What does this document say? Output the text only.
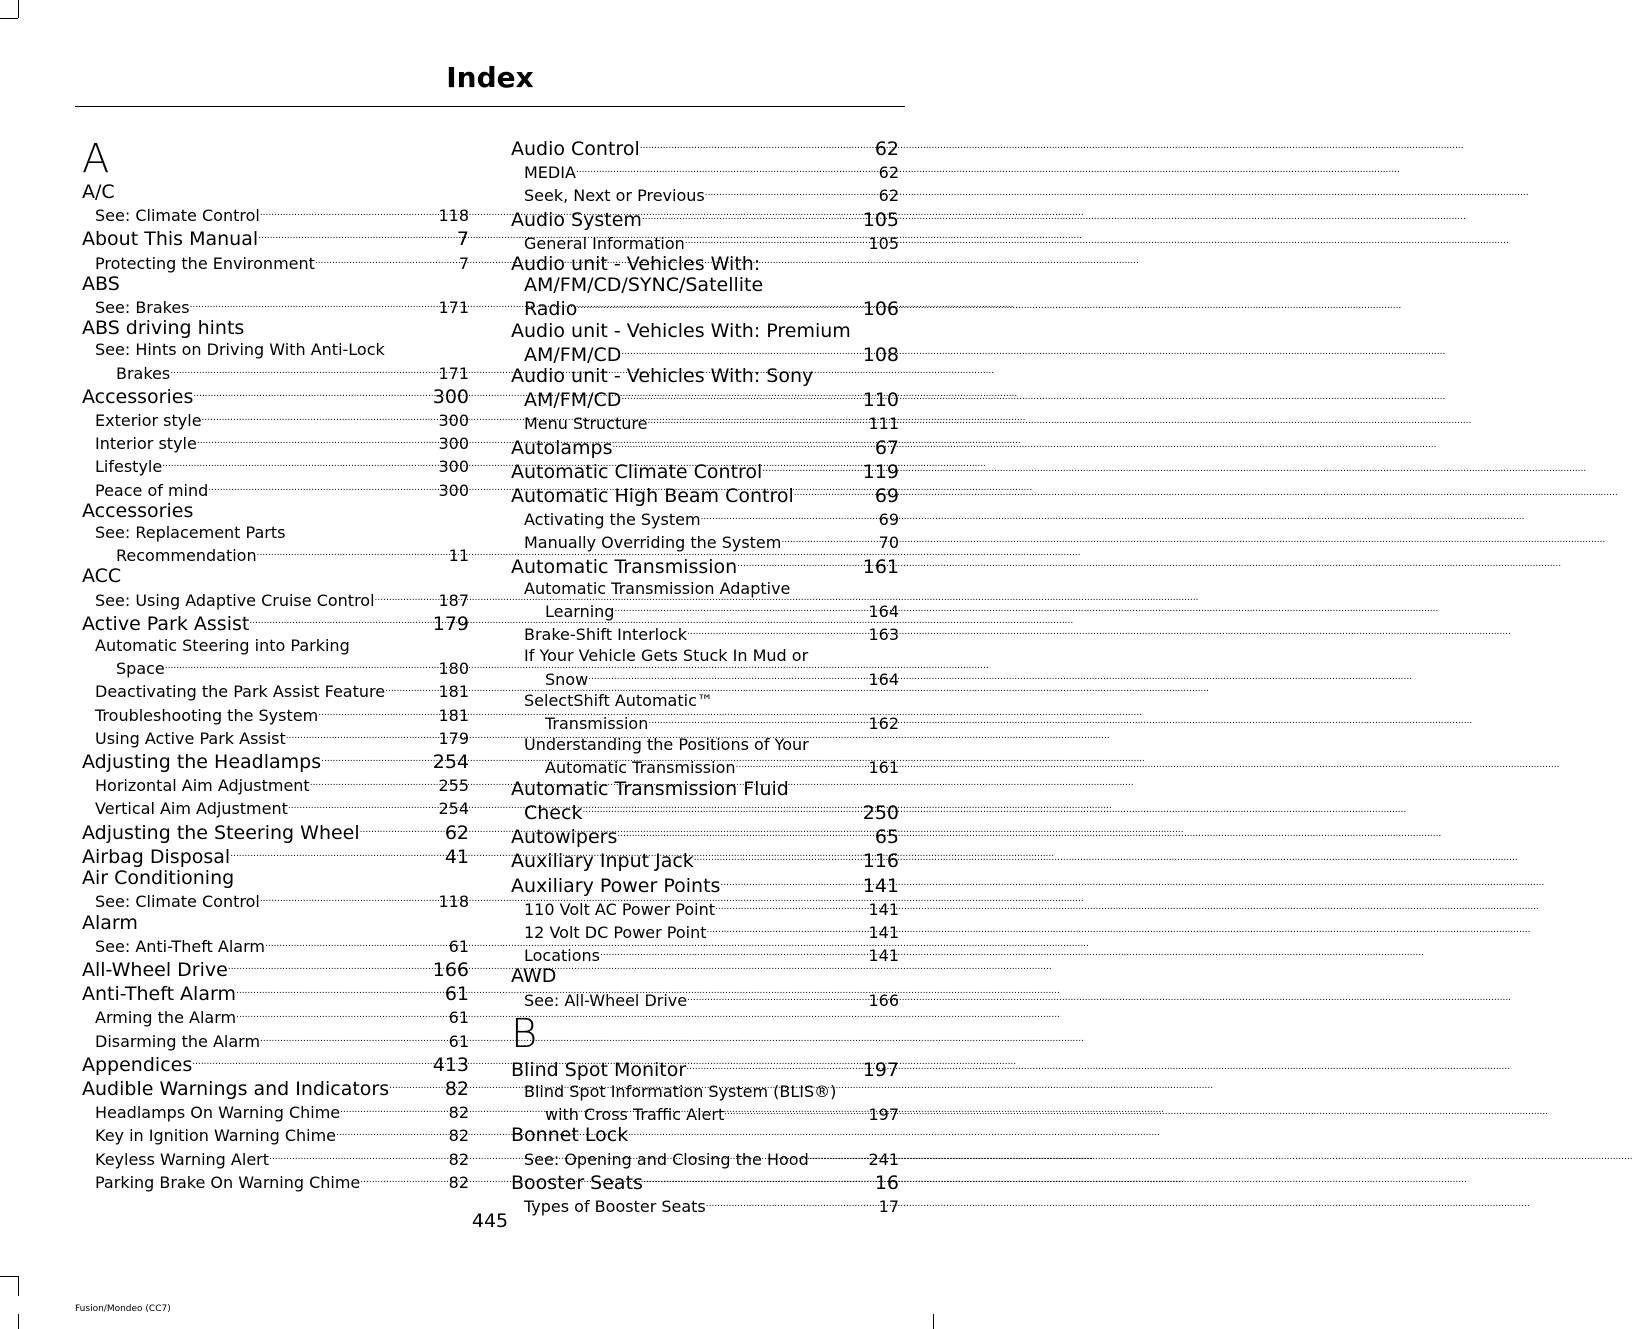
Index
A
A/C
See: Climate Control .....	118
About This Manual .....	7
Protecting the Environment .....	7
ABS
See: Brakes .....	171
ABS driving hints
See: Hints on Driving With Anti-Lock
Brakes .....	171
Accessories .....	300
Exterior style .....	300
Interior style .....	300
Lifestyle .....	300
Peace of mind .....	300
Accessories
See: Replacement Parts
Recommendation .....	11
ACC
See: Using Adaptive Cruise Control .....	187
Active Park Assist .....	179
Automatic Steering into Parking
Space .....	180
Deactivating the Park Assist Feature .....	181
Troubleshooting the System .....	181
Using Active Park Assist .....	179
Adjusting the Headlamps .....	254
Horizontal Aim Adjustment .....	255
Vertical Aim Adjustment .....	254
Adjusting the Steering Wheel .....	62
Airbag Disposal .....	41
Air Conditioning
See: Climate Control .....	118
Alarm
See: Anti-Theft Alarm .....	61
All-Wheel Drive .....	166
Anti-Theft Alarm .....	61
Arming the Alarm .....	61
Disarming the Alarm .....	61
Appendices .....	413
Audible Warnings and Indicators .....	82
Headlamps On Warning Chime .....	82
Key in Ignition Warning Chime .....	82
Keyless Warning Alert .....	82
Parking Brake On Warning Chime .....	82
Audio Control .....	62
MEDIA .....	62
Seek, Next or Previous .....	62
Audio System .....	105
General Information .....	105
Audio unit - Vehicles With:
AM/FM/CD/SYNC/Satellite
Radio .....	106
Audio unit - Vehicles With: Premium
AM/FM/CD .....	108
Audio unit - Vehicles With: Sony
AM/FM/CD .....	110
Menu Structure .....	111
Autolamps .....	67
Automatic Climate Control .....	119
Automatic High Beam Control .....	69
Activating the System .....	69
Manually Overriding the System .....	70
Automatic Transmission .....	161
Automatic Transmission Adaptive
Learning .....	164
Brake-Shift Interlock .....	163
If Your Vehicle Gets Stuck In Mud or
Snow .....	164
SelectShift Automatic™
Transmission .....	162
Understanding the Positions of Your
Automatic Transmission .....	161
Automatic Transmission Fluid
Check .....	250
Autowipers .....	65
Auxiliary Input Jack .....	116
Auxiliary Power Points .....	141
110 Volt AC Power Point .....	141
12 Volt DC Power Point .....	141
Locations .....	141
AWD
See: All-Wheel Drive .....	166
B
Blind Spot Monitor .....	197
Blind Spot Information System (BLIS®)
with Cross Traffic Alert .....	197
Bonnet Lock
See: Opening and Closing the Hood .....	241
Booster Seats .....	16
Types of Booster Seats .....	17
445
Fusion/Mondeo (CC7)
